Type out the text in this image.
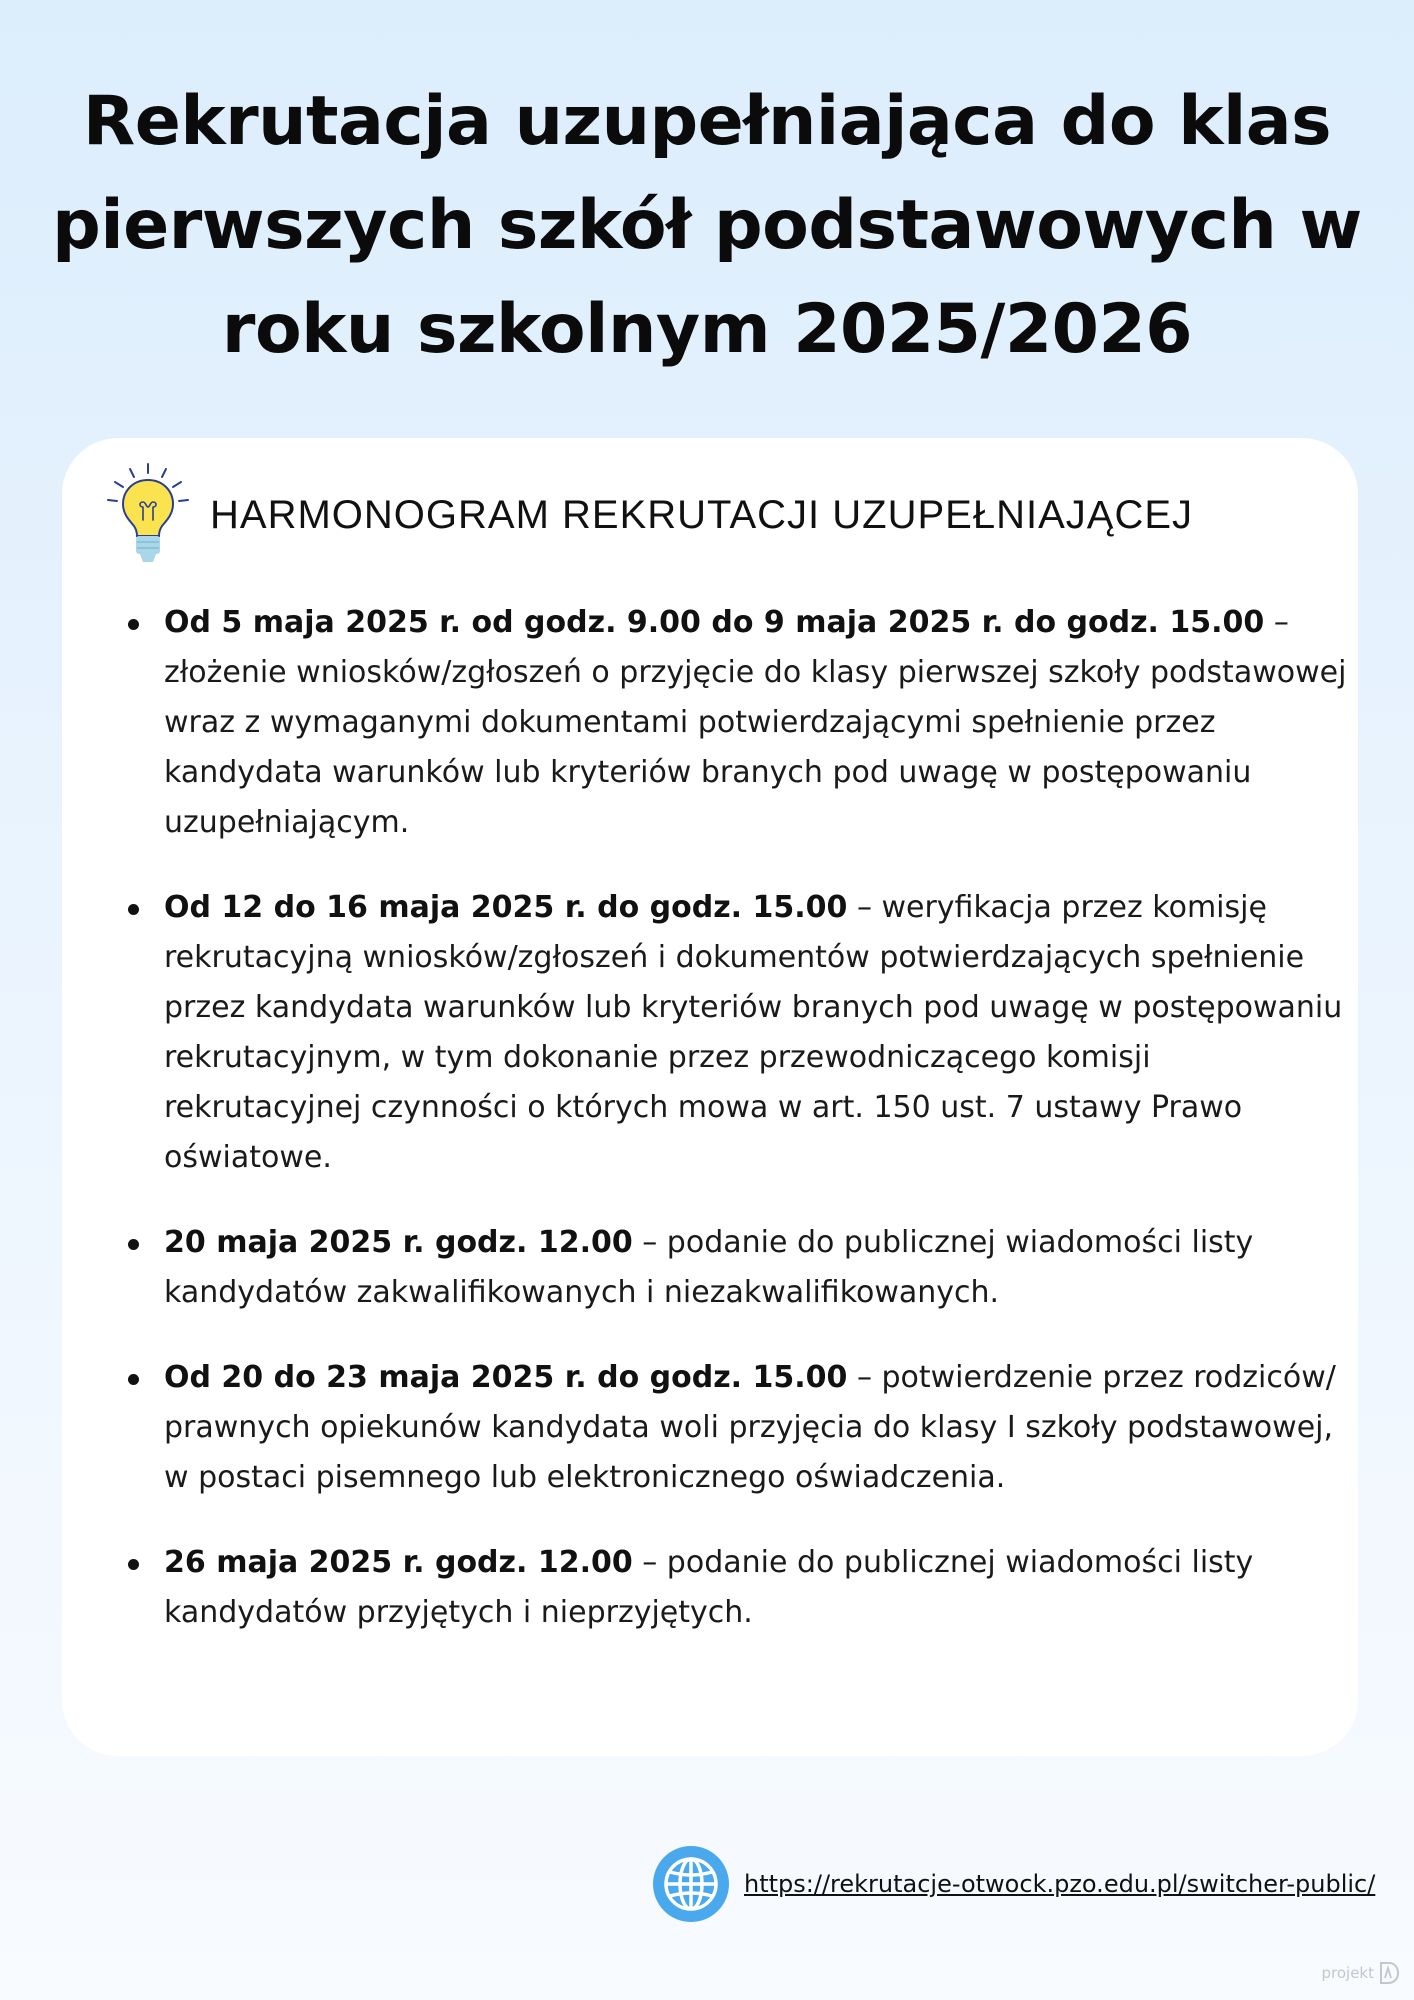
Rekrutacja uzupełniająca do klas pierwszych szkół podstawowych w roku szkolnym 2025/2026
HARMONOGRAM REKRUTACJI UZUPEŁNIAJĄCEJ
Od 5 maja 2025 r. od godz. 9.00 do 9 maja 2025 r. do godz. 15.00 – złożenie wniosków/zgłoszeń o przyjęcie do klasy pierwszej szkoły podstawowej wraz z wymaganymi dokumentami potwierdzającymi spełnienie przez kandydata warunków lub kryteriów branych pod uwagę w postępowaniu uzupełniającym.
Od 12 do 16 maja 2025 r. do godz. 15.00 – weryfikacja przez komisję rekrutacyjną wniosków/zgłoszeń i dokumentów potwierdzających spełnienie przez kandydata warunków lub kryteriów branych pod uwagę w postępowaniu rekrutacyjnym, w tym dokonanie przez przewodniczącego komisji rekrutacyjnej czynności o których mowa w art. 150 ust. 7 ustawy Prawo oświatowe.
20 maja 2025 r. godz. 12.00 – podanie do publicznej wiadomości listy kandydatów zakwalifikowanych i niezakwalifikowanych.
Od 20 do 23 maja 2025 r. do godz. 15.00 – potwierdzenie przez rodziców/ prawnych opiekunów kandydata woli przyjęcia do klasy I szkoły podstawowej, w postaci pisemnego lub elektronicznego oświadczenia.
26 maja 2025 r. godz. 12.00 – podanie do publicznej wiadomości listy kandydatów przyjętych i nieprzyjętych.
https://rekrutacje-otwock.pzo.edu.pl/switcher-public/
projekt
